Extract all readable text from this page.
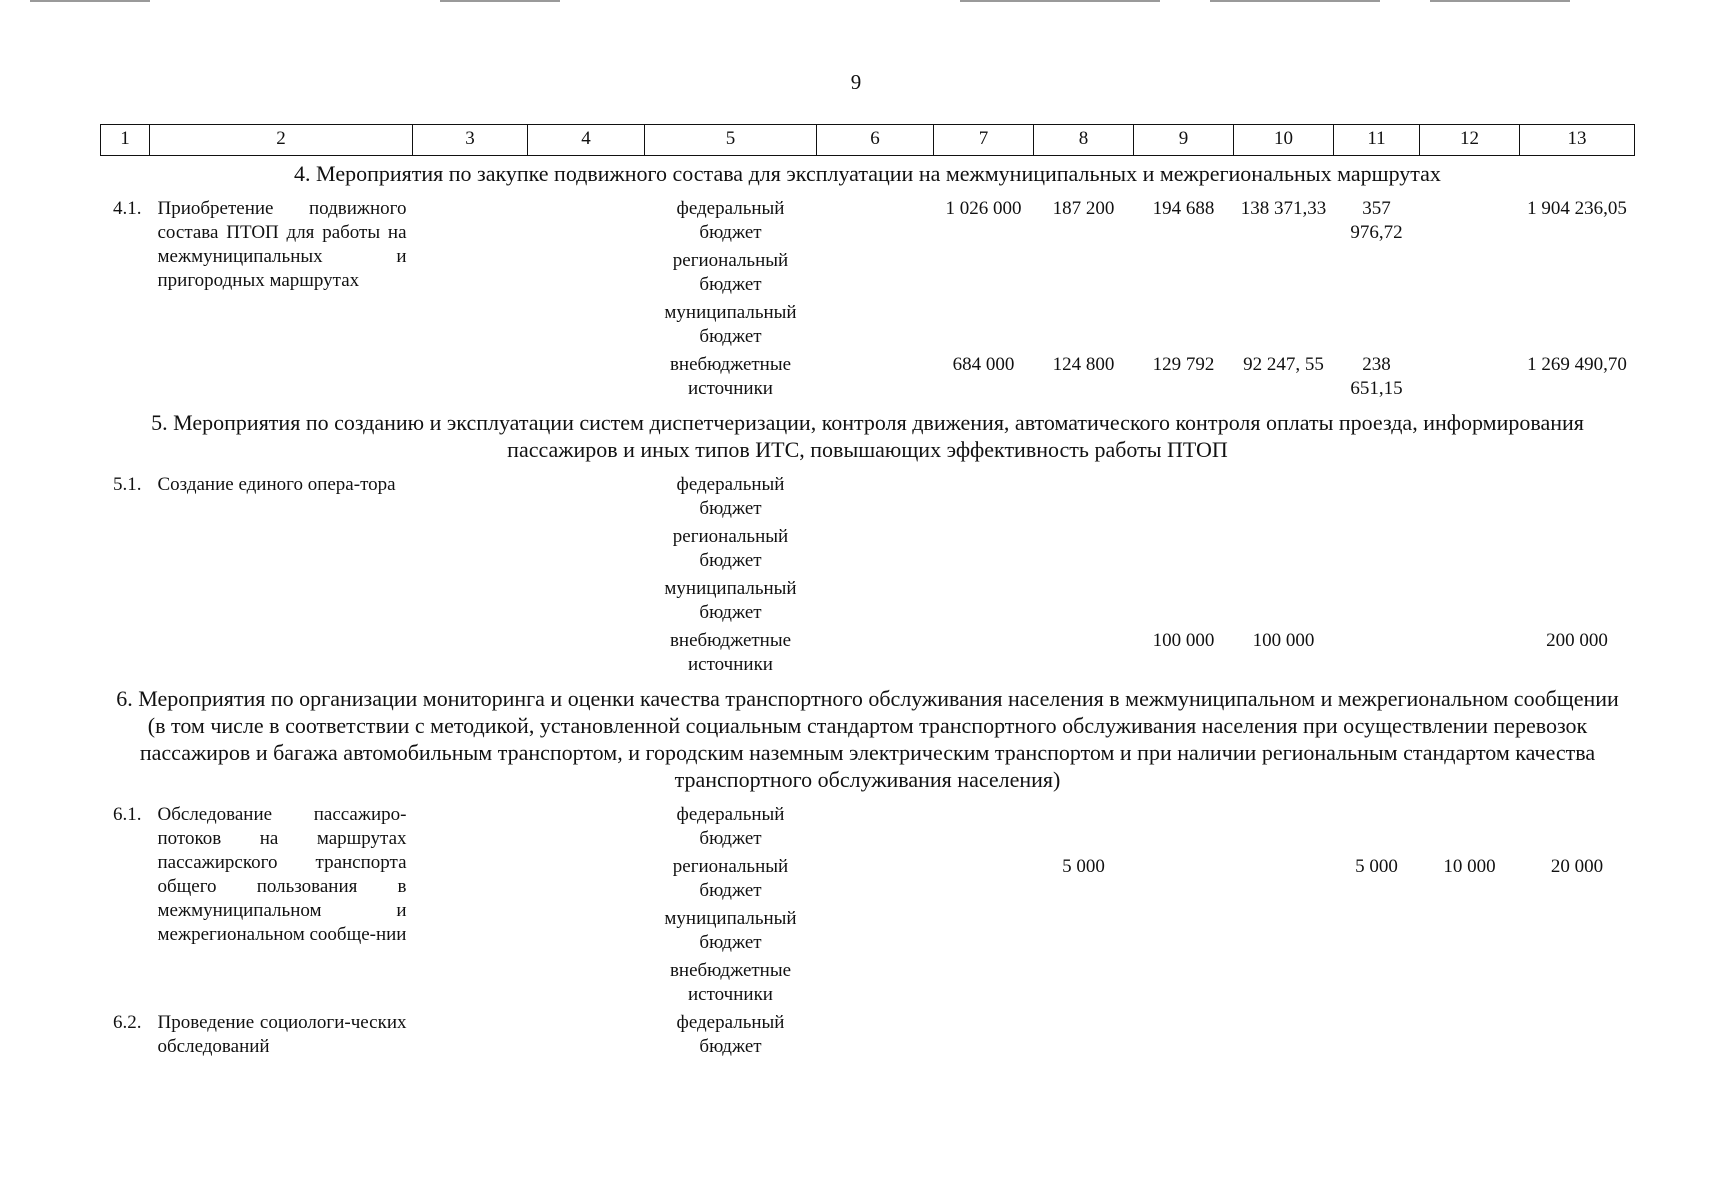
9
1	2	3	4	5	6	7	8	9	10	11	12	13
4. Мероприятия по закупке подвижного состава для эксплуатации на межмуниципальных и межрегиональных маршрутах												
4.1.	Приобретение подвижного состава ПТОП для работы на межмуниципальных и пригородных маршрутах			федеральный бюджет		1 026 000	187 200	194 688	138 371,33	357 976,72		1 904 236,05
				региональный бюджет								
				муниципальный бюджет								
				внебюджетные источники		684 000	124 800	129 792	92 247, 55	238 651,15		1 269 490,70
5. Мероприятия по созданию и эксплуатации систем диспетчеризации, контроля движения, автоматического контроля оплаты проезда, информирования пассажиров и иных типов ИТС, повышающих эффективность работы ПТОП												
5.1.	Создание единого опера-тора			федеральный бюджет								
				региональный бюджет								
				муниципальный бюджет								
				внебюджетные источники				100 000	100 000			200 000
6. Мероприятия по организации мониторинга и оценки качества транспортного обслуживания населения в межмуниципальном и межрегиональном сообщении (в том числе в соответствии с методикой, установленной социальным стандартом транспортного обслуживания населения при осуществлении перевозок пассажиров и багажа автомобильным транспортом, и городским наземным электрическим транспортом и при наличии региональным стандартом качества транспортного обслуживания населения)												
6.1.	Обследование пассажиро-потоков на маршрутах пассажирского транспорта общего пользования в межмуниципальном и межрегиональном сообще-нии			федеральный бюджет								
				региональный бюджет			5 000			5 000	10 000	20 000
				муниципальный бюджет								
				внебюджетные источники								
6.2.	Проведение социологи-ческих обследований			федеральный бюджет								
